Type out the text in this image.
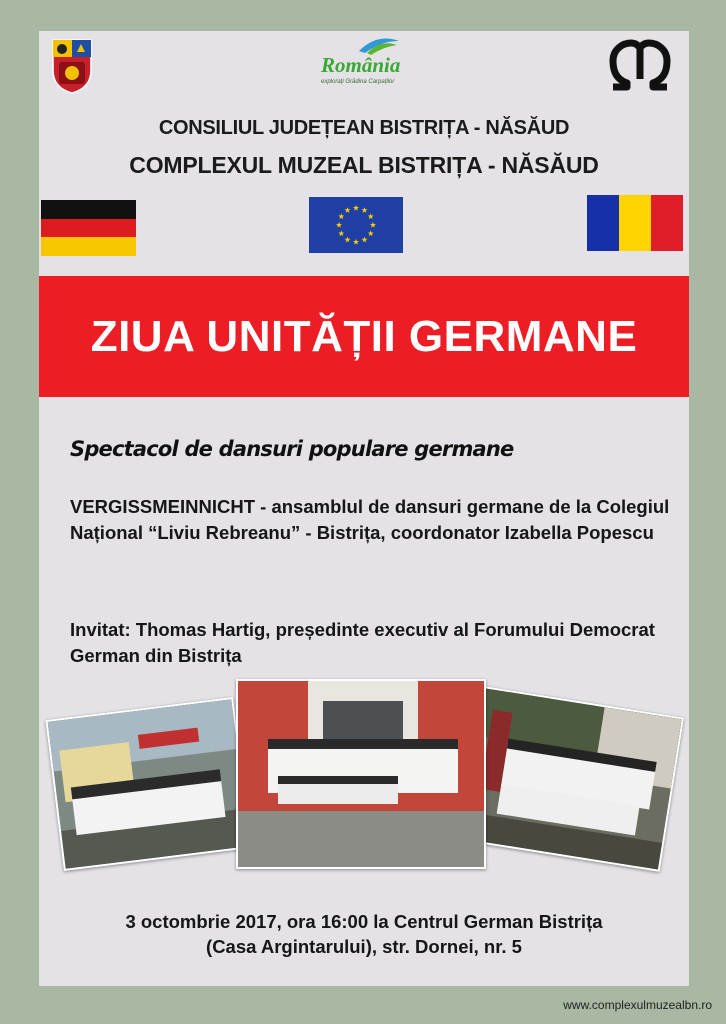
România
explorați Grădina Carpaților
CONSILIUL JUDEȚEAN BISTRIȚA - NĂSĂUD
COMPLEXUL MUZEAL BISTRIȚA - NĂSĂUD
ZIUA UNITĂȚII GERMANE
Spectacol de dansuri populare germane
VERGISSMEINNICHT - ansamblul de dansuri germane de la Colegiul Național “Liviu Rebreanu” - Bistrița, coordonator Izabella Popescu
Invitat: Thomas Hartig, președinte executiv al Forumului Democrat German din Bistrița
3 octombrie 2017, ora 16:00 la Centrul German Bistrița
(Casa Argintarului), str. Dornei, nr. 5
www.complexulmuzealbn.ro
